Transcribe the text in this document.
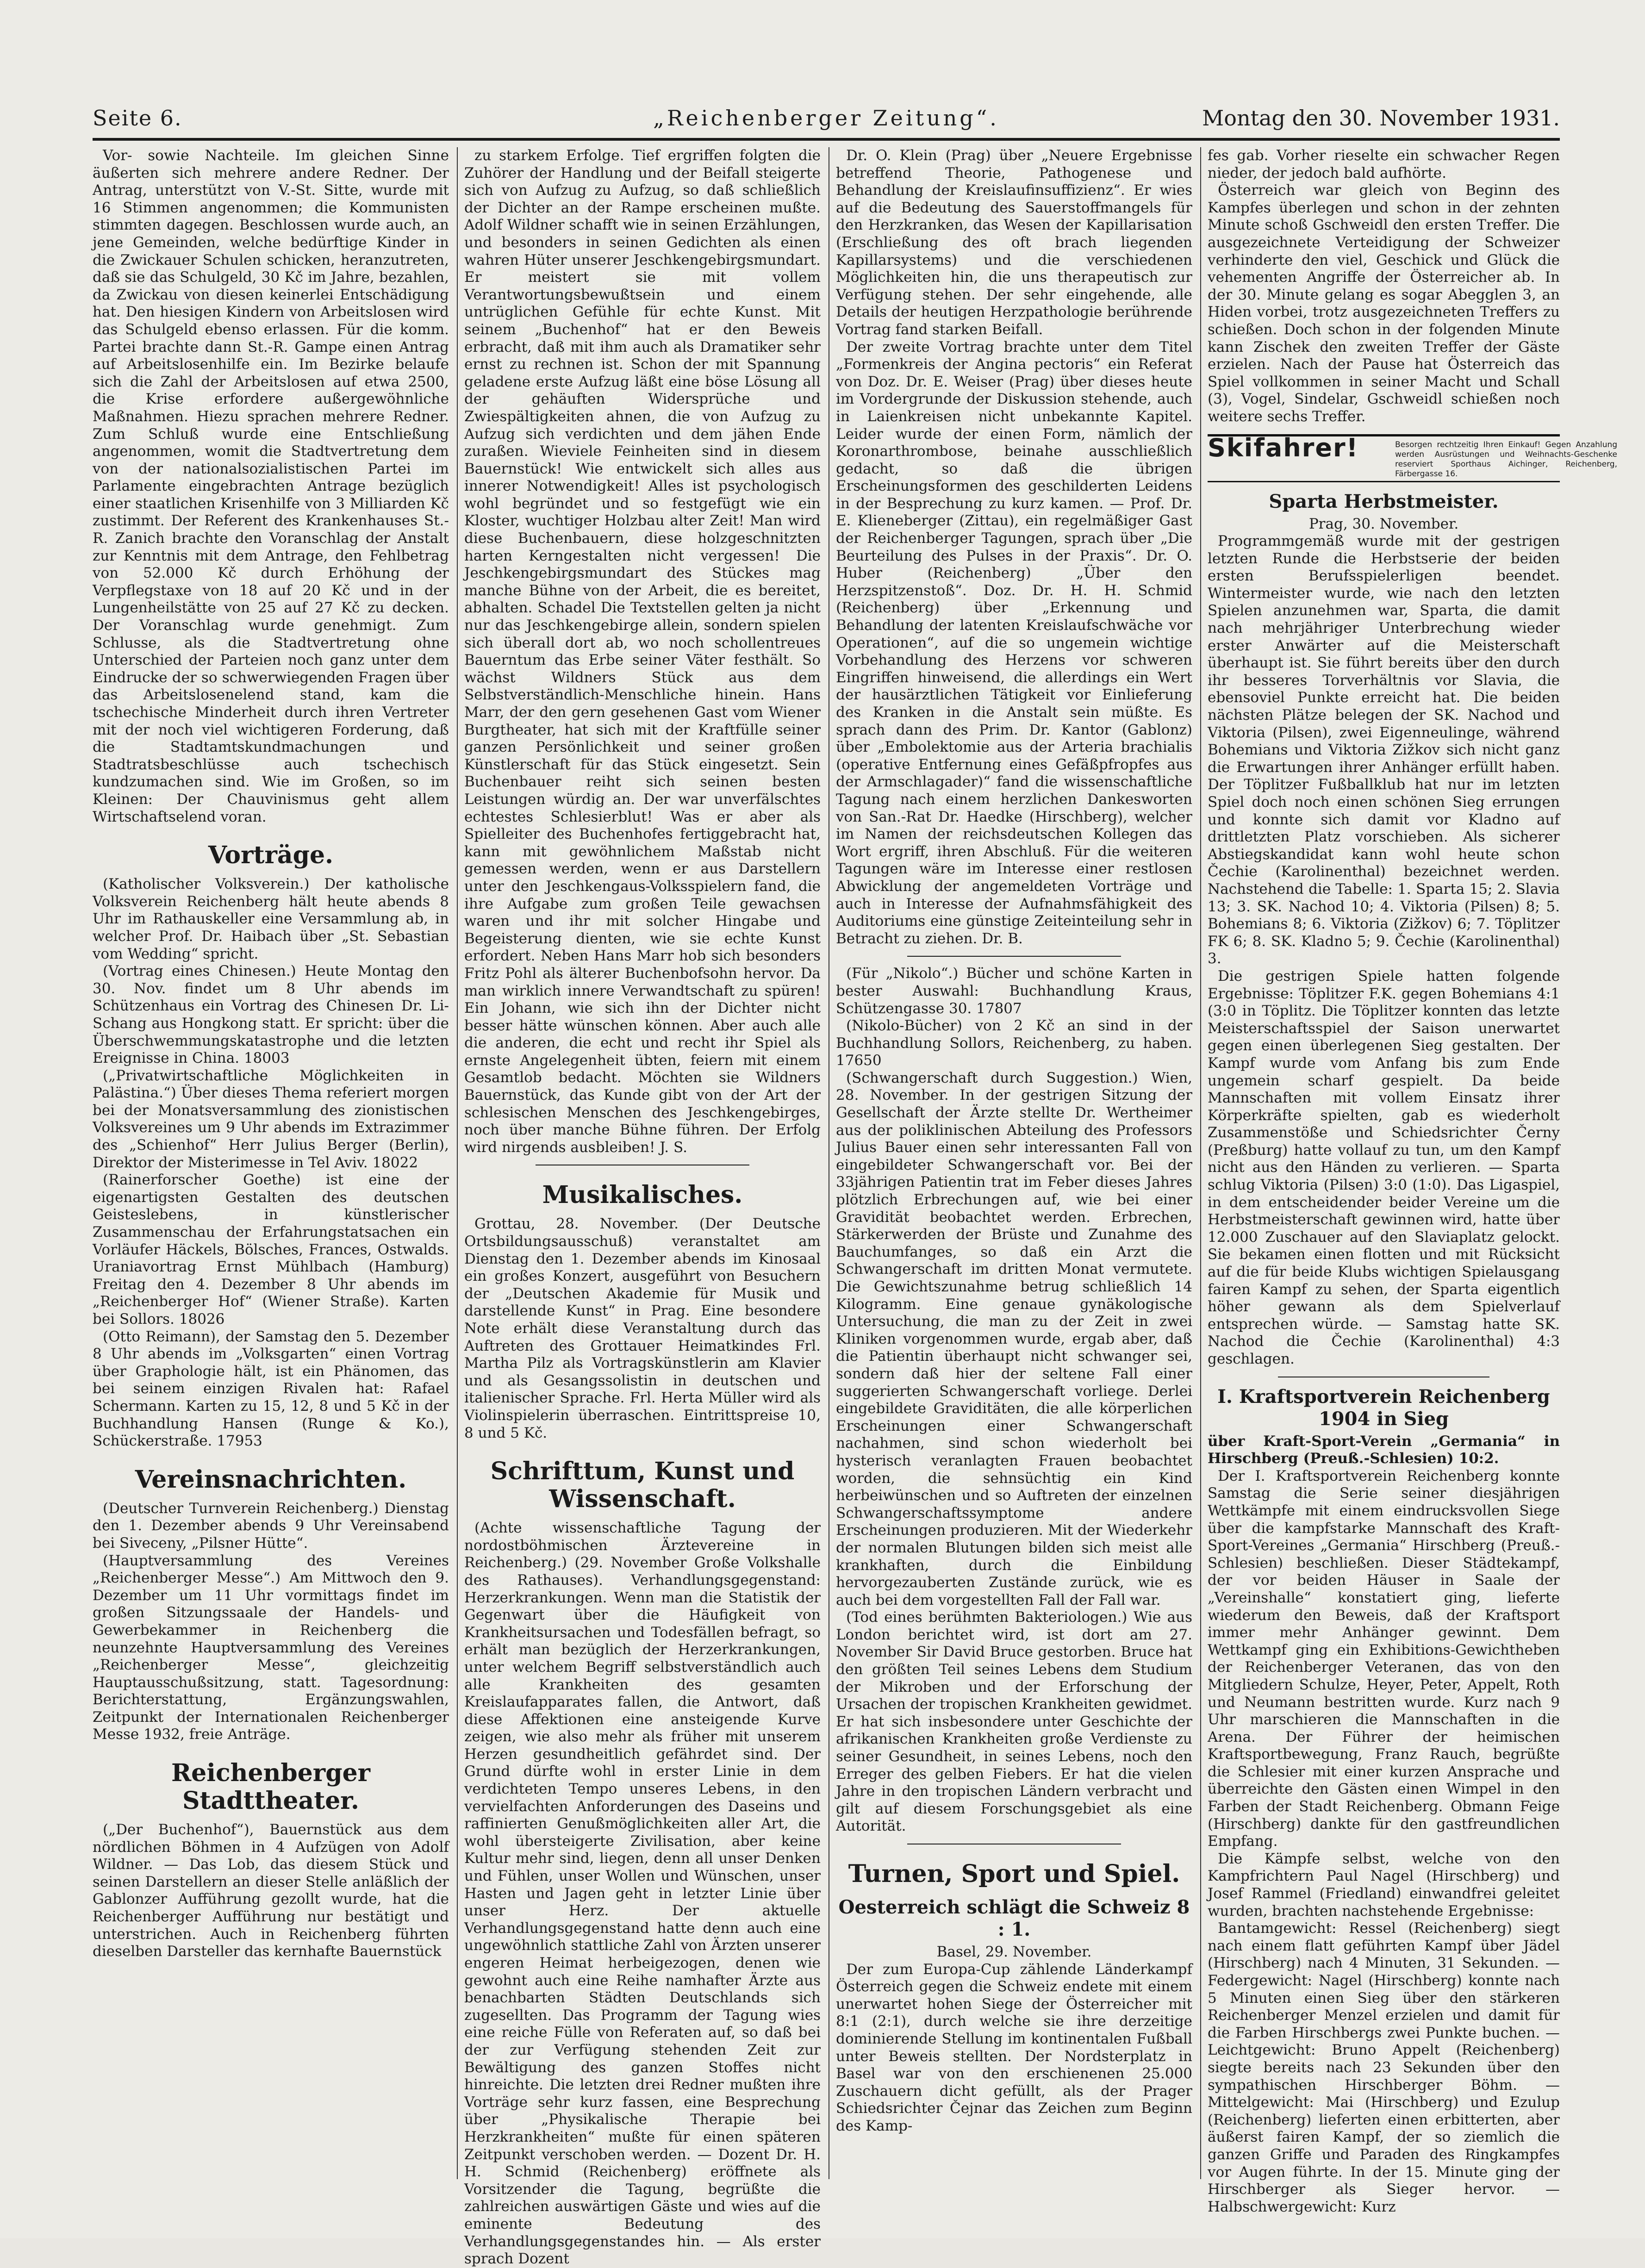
Seite 6.	„Reichenberger Zeitung“.	Montag den 30. November 1931.

Vor- sowie Nachteile. Im gleichen Sinne äußerten sich mehrere andere Redner. Der Antrag, unterstützt von V.-St. Sitte, wurde mit 16 Stimmen angenommen; die Kommunisten stimmten dagegen. Beschlossen wurde auch, an jene Gemeinden, welche bedürftige Kinder in die Zwickauer Schulen schicken, heranzutreten, daß sie das Schulgeld, 30 Kč im Jahre, bezahlen, da Zwickau von diesen keinerlei Entschädigung hat. Den hiesigen Kindern von Arbeitslosen wird das Schulgeld ebenso erlassen. Für die komm. Partei brachte dann St.-R. Gampe einen Antrag auf Arbeitslosenhilfe ein. Im Bezirke belaufe sich die Zahl der Arbeitslosen auf etwa 2500, die Krise erfordere außergewöhnliche Maßnahmen. Hiezu sprachen mehrere Redner. Zum Schluß wurde eine Entschließung angenommen, womit die Stadtvertretung dem von der nationalsozialistischen Partei im Parlamente eingebrachten Antrage bezüglich einer staatlichen Krisenhilfe von 3 Milliarden Kč zustimmt. Der Referent des Krankenhauses St.-R. Zanich brachte den Voranschlag der Anstalt zur Kenntnis mit dem Antrage, den Fehlbetrag von 52.000 Kč durch Erhöhung der Verpflegstaxe von 18 auf 20 Kč und in der Lungenheilstätte von 25 auf 27 Kč zu decken. Der Voranschlag wurde genehmigt. Zum Schlusse, als die Stadtvertretung ohne Unterschied der Parteien noch ganz unter dem Eindrucke der so schwerwiegenden Fragen über das Arbeitslosenelend stand, kam die tschechische Minderheit durch ihren Vertreter mit der noch viel wichtigeren Forderung, daß die Stadtamtskundmachungen und Stadtratsbeschlüsse auch tschechisch kundzumachen sind. Wie im Großen, so im Kleinen: Der Chauvinismus geht allem Wirtschaftselend voran.

Vorträge.

(Katholischer Volksverein.) Der katholische Volksverein Reichenberg hält heute abends 8 Uhr im Rathauskeller eine Versammlung ab, in welcher Prof. Dr. Haibach über „St. Sebastian vom Wedding“ spricht.

(Vortrag eines Chinesen.) Heute Montag den 30. Nov. findet um 8 Uhr abends im Schützenhaus ein Vortrag des Chinesen Dr. Li-Schang aus Hongkong statt. Er spricht: über die Überschwemmungskatastrophe und die letzten Ereignisse in China. 18003

(„Privatwirtschaftliche Möglichkeiten in Palästina.“) Über dieses Thema referiert morgen bei der Monatsversammlung des zionistischen Volksvereines um 9 Uhr abends im Extrazimmer des „Schienhof“ Herr Julius Berger (Berlin), Direktor der Misterimesse in Tel Aviv. 18022

(Rainerforscher Goethe) ist eine der eigenartigsten Gestalten des deutschen Geisteslebens, in künstlerischer Zusammenschau der Erfahrungstatsachen ein Vorläufer Häckels, Bölsches, Frances, Ostwalds. Uraniavortrag Ernst Mühlbach (Hamburg) Freitag den 4. Dezember 8 Uhr abends im „Reichenberger Hof“ (Wiener Straße). Karten bei Sollors. 18026

(Otto Reimann), der Samstag den 5. Dezember 8 Uhr abends im „Volksgarten“ einen Vortrag über Graphologie hält, ist ein Phänomen, das bei seinem einzigen Rivalen hat: Rafael Schermann. Karten zu 15, 12, 8 und 5 Kč in der Buchhandlung Hansen (Runge & Ko.), Schückerstraße. 17953

Vereinsnachrichten.

(Deutscher Turnverein Reichenberg.) Dienstag den 1. Dezember abends 9 Uhr Vereinsabend bei Siveceny, „Pilsner Hütte“.

(Hauptversammlung des Vereines „Reichenberger Messe“.) Am Mittwoch den 9. Dezember um 11 Uhr vormittags findet im großen Sitzungssaale der Handels- und Gewerbekammer in Reichenberg die neunzehnte Hauptversammlung des Vereines „Reichenberger Messe“, gleichzeitig Hauptausschußsitzung, statt. Tagesordnung: Berichterstattung, Ergänzungswahlen, Zeitpunkt der Internationalen Reichenberger Messe 1932, freie Anträge.

Reichenberger Stadttheater.

(„Der Buchenhof“), Bauernstück aus dem nördlichen Böhmen in 4 Aufzügen von Adolf Wildner. — Das Lob, das diesem Stück und seinen Darstellern an dieser Stelle anläßlich der Gablonzer Aufführung gezollt wurde, hat die Reichenberger Aufführung nur bestätigt und unterstrichen. Auch in Reichenberg führten dieselben Darsteller das kernhafte Bauernstück

zu starkem Erfolge. Tief ergriffen folgten die Zuhörer der Handlung und der Beifall steigerte sich von Aufzug zu Aufzug, so daß schließlich der Dichter an der Rampe erscheinen mußte. Adolf Wildner schafft wie in seinen Erzählungen, und besonders in seinen Gedichten als einen wahren Hüter unserer Jeschkengebirgsmundart. Er meistert sie mit vollem Verantwortungsbewußtsein und einem untrüglichen Gefühle für echte Kunst. Mit seinem „Buchenhof“ hat er den Beweis erbracht, daß mit ihm auch als Dramatiker sehr ernst zu rechnen ist. Schon der mit Spannung geladene erste Aufzug läßt eine böse Lösung all der gehäuften Widersprüche und Zwiespältigkeiten ahnen, die von Aufzug zu Aufzug sich verdichten und dem jähen Ende zuraßen. Wieviele Feinheiten sind in diesem Bauernstück! Wie entwickelt sich alles aus innerer Notwendigkeit! Alles ist psychologisch wohl begründet und so festgefügt wie ein Kloster, wuchtiger Holzbau alter Zeit! Man wird diese Buchenbauern, diese holzgeschnitzten harten Kerngestalten nicht vergessen! Die Jeschkengebirgsmundart des Stückes mag manche Bühne von der Arbeit, die es bereitet, abhalten. Schadel Die Textstellen gelten ja nicht nur das Jeschkengebirge allein, sondern spielen sich überall dort ab, wo noch schollentreues Bauerntum das Erbe seiner Väter festhält. So wächst Wildners Stück aus dem Selbstverständlich-Menschliche hinein. Hans Marr, der den gern gesehenen Gast vom Wiener Burgtheater, hat sich mit der Kraftfülle seiner ganzen Persönlichkeit und seiner großen Künstlerschaft für das Stück eingesetzt. Sein Buchenbauer reiht sich seinen besten Leistungen würdig an. Der war unverfälschtes echtestes Schlesierblut! Was er aber als Spielleiter des Buchenhofes fertiggebracht hat, kann mit gewöhnlichem Maßstab nicht gemessen werden, wenn er aus Darstellern unter den Jeschkengaus-Volksspielern fand, die ihre Aufgabe zum großen Teile gewachsen waren und ihr mit solcher Hingabe und Begeisterung dienten, wie sie echte Kunst erfordert. Neben Hans Marr hob sich besonders Fritz Pohl als älterer Buchenbofsohn hervor. Da man wirklich innere Verwandtschaft zu spüren! Ein Johann, wie sich ihn der Dichter nicht besser hätte wünschen können. Aber auch alle die anderen, die echt und recht ihr Spiel als ernste Angelegenheit übten, feiern mit einem Gesamtlob bedacht. Möchten sie Wildners Bauernstück, das Kunde gibt von der Art der schlesischen Menschen des Jeschkengebirges, noch über manche Bühne führen. Der Erfolg wird nirgends ausbleiben! J. S.

Musikalisches.

Grottau, 28. November. (Der Deutsche Ortsbildungsausschuß) veranstaltet am Dienstag den 1. Dezember abends im Kinosaal ein großes Konzert, ausgeführt von Besuchern der „Deutschen Akademie für Musik und darstellende Kunst“ in Prag. Eine besondere Note erhält diese Veranstaltung durch das Auftreten des Grottauer Heimatkindes Frl. Martha Pilz als Vortragskünstlerin am Klavier und als Gesangssolistin in deutschen und italienischer Sprache. Frl. Herta Müller wird als Violinspielerin überraschen. Eintrittspreise 10, 8 und 5 Kč.

Schrifttum, Kunst und Wissenschaft.

(Achte wissenschaftliche Tagung der nordostböhmischen Ärztevereine in Reichenberg.) (29. November Große Volkshalle des Rathauses). Verhandlungsgegenstand: Herzerkrankungen. Wenn man die Statistik der Gegenwart über die Häufigkeit von Krankheitsursachen und Todesfällen befragt, so erhält man bezüglich der Herzerkrankungen, unter welchem Begriff selbstverständlich auch alle Krankheiten des gesamten Kreislaufapparates fallen, die Antwort, daß diese Affektionen eine ansteigende Kurve zeigen, wie also mehr als früher mit unserem Herzen gesundheitlich gefährdet sind. Der Grund dürfte wohl in erster Linie in dem verdichteten Tempo unseres Lebens, in den vervielfachten Anforderungen des Daseins und raffinierten Genußmöglichkeiten aller Art, die wohl übersteigerte Zivilisation, aber keine Kultur mehr sind, liegen, denn all unser Denken und Fühlen, unser Wollen und Wünschen, unser Hasten und Jagen geht in letzter Linie über unser Herz. Der aktuelle Verhandlungsgegenstand hatte denn auch eine ungewöhnlich stattliche Zahl von Ärzten unserer engeren Heimat herbeigezogen, denen wie gewohnt auch eine Reihe namhafter Ärzte aus benachbarten Städten Deutschlands sich zugesellten. Das Programm der Tagung wies eine reiche Fülle von Referaten auf, so daß bei der zur Verfügung stehenden Zeit zur Bewältigung des ganzen Stoffes nicht hinreichte. Die letzten drei Redner mußten ihre Vorträge sehr kurz fassen, eine Besprechung über „Physikalische Therapie bei Herzkrankheiten“ mußte für einen späteren Zeitpunkt verschoben werden. — Dozent Dr. H. H. Schmid (Reichenberg) eröffnete als Vorsitzender die Tagung, begrüßte die zahlreichen auswärtigen Gäste und wies auf die eminente Bedeutung des Verhandlungsgegenstandes hin. — Als erster sprach Dozent

Dr. O. Klein (Prag) über „Neuere Ergebnisse betreffend Theorie, Pathogenese und Behandlung der Kreislaufinsuffizienz“. Er wies auf die Bedeutung des Sauerstoffmangels für den Herzkranken, das Wesen der Kapillarisation (Erschließung des oft brach liegenden Kapillarsystems) und die verschiedenen Möglichkeiten hin, die uns therapeutisch zur Verfügung stehen. Der sehr eingehende, alle Details der heutigen Herzpathologie berührende Vortrag fand starken Beifall.

Der zweite Vortrag brachte unter dem Titel „Formenkreis der Angina pectoris“ ein Referat von Doz. Dr. E. Weiser (Prag) über dieses heute im Vordergrunde der Diskussion stehende, auch in Laienkreisen nicht unbekannte Kapitel. Leider wurde der einen Form, nämlich der Koronarthrombose, beinahe ausschließlich gedacht, so daß die übrigen Erscheinungsformen des geschilderten Leidens in der Besprechung zu kurz kamen. — Prof. Dr. E. Klieneberger (Zittau), ein regelmäßiger Gast der Reichenberger Tagungen, sprach über „Die Beurteilung des Pulses in der Praxis“. Dr. O. Huber (Reichenberg) „Über den Herzspitzenstoß“. Doz. Dr. H. H. Schmid (Reichenberg) über „Erkennung und Behandlung der latenten Kreislaufschwäche vor Operationen“, auf die so ungemein wichtige Vorbehandlung des Herzens vor schweren Eingriffen hinweisend, die allerdings ein Wert der hausärztlichen Tätigkeit vor Einlieferung des Kranken in die Anstalt sein müßte. Es sprach dann des Prim. Dr. Kantor (Gablonz) über „Embolektomie aus der Arteria brachialis (operative Entfernung eines Gefäßpfropfes aus der Armschlagader)“ fand die wissenschaftliche Tagung nach einem herzlichen Dankesworten von San.-Rat Dr. Haedke (Hirschberg), welcher im Namen der reichsdeutschen Kollegen das Wort ergriff, ihren Abschluß. Für die weiteren Tagungen wäre im Interesse einer restlosen Abwicklung der angemeldeten Vorträge und auch in Interesse der Aufnahmsfähigkeit des Auditoriums eine günstige Zeiteinteilung sehr in Betracht zu ziehen. Dr. B.

(Für „Nikolo“.) Bücher und schöne Karten in bester Auswahl: Buchhandlung Kraus, Schützengasse 30. 17807

(Nikolo-Bücher) von 2 Kč an sind in der Buchhandlung Sollors, Reichenberg, zu haben. 17650

(Schwangerschaft durch Suggestion.) Wien, 28. November. In der gestrigen Sitzung der Gesellschaft der Ärzte stellte Dr. Wertheimer aus der poliklinischen Abteilung des Professors Julius Bauer einen sehr interessanten Fall von eingebildeter Schwangerschaft vor. Bei der 33jährigen Patientin trat im Feber dieses Jahres plötzlich Erbrechungen auf, wie bei einer Gravidität beobachtet werden. Erbrechen, Stärkerwerden der Brüste und Zunahme des Bauchumfanges, so daß ein Arzt die Schwangerschaft im dritten Monat vermutete. Die Gewichtszunahme betrug schließlich 14 Kilogramm. Eine genaue gynäkologische Untersuchung, die man zu der Zeit in zwei Kliniken vorgenommen wurde, ergab aber, daß die Patientin überhaupt nicht schwanger sei, sondern daß hier der seltene Fall einer suggerierten Schwangerschaft vorliege. Derlei eingebildete Graviditäten, die alle körperlichen Erscheinungen einer Schwangerschaft nachahmen, sind schon wiederholt bei hysterisch veranlagten Frauen beobachtet worden, die sehnsüchtig ein Kind herbeiwünschen und so Auftreten der einzelnen Schwangerschaftssymptome andere Erscheinungen produzieren. Mit der Wiederkehr der normalen Blutungen bilden sich meist alle krankhaften, durch die Einbildung hervorgezauberten Zustände zurück, wie es auch bei dem vorgestellten Fall der Fall war.

(Tod eines berühmten Bakteriologen.) Wie aus London berichtet wird, ist dort am 27. November Sir David Bruce gestorben. Bruce hat den größten Teil seines Lebens dem Studium der Mikroben und der Erforschung der Ursachen der tropischen Krankheiten gewidmet. Er hat sich insbesondere unter Geschichte der afrikanischen Krankheiten große Verdienste zu seiner Gesundheit, in seines Lebens, noch den Erreger des gelben Fiebers. Er hat die vielen Jahre in den tropischen Ländern verbracht und gilt auf diesem Forschungsgebiet als eine Autorität.

Turnen, Sport und Spiel.
Oesterreich schlägt die Schweiz 8 : 1.

Basel, 29. November.

Der zum Europa-Cup zählende Länderkampf Österreich gegen die Schweiz endete mit einem unerwartet hohen Siege der Österreicher mit 8:1 (2:1), durch welche sie ihre derzeitige dominierende Stellung im kontinentalen Fußball unter Beweis stellten. Der Nordsterplatz in Basel war von den erschienenen 25.000 Zuschauern dicht gefüllt, als der Prager Schiedsrichter Čejnar das Zeichen zum Beginn des Kamp-

fes gab. Vorher rieselte ein schwacher Regen nieder, der jedoch bald aufhörte.

Österreich war gleich von Beginn des Kampfes überlegen und schon in der zehnten Minute schoß Gschweidl den ersten Treffer. Die ausgezeichnete Verteidigung der Schweizer verhinderte den viel, Geschick und Glück die vehementen Angriffe der Österreicher ab. In der 30. Minute gelang es sogar Abegglen 3, an Hiden vorbei, trotz ausgezeichneten Treffers zu schießen. Doch schon in der folgenden Minute kann Zischek den zweiten Treffer der Gäste erzielen. Nach der Pause hat Österreich das Spiel vollkommen in seiner Macht und Schall (3), Vogel, Sindelar, Gschweidl schießen noch weitere sechs Treffer.

Skifahrer!	Besorgen rechtzeitig Ihren Einkauf! Gegen Anzahlung werden Ausrüstungen und Weihnachts-Geschenke reserviert Sporthaus Aichinger, Reichenberg, Färbergasse 16.
Sparta Herbstmeister.

Prag, 30. November.

Programmgemäß wurde mit der gestrigen letzten Runde die Herbstserie der beiden ersten Berufsspielerligen beendet. Wintermeister wurde, wie nach den letzten Spielen anzunehmen war, Sparta, die damit nach mehrjähriger Unterbrechung wieder erster Anwärter auf die Meisterschaft überhaupt ist. Sie führt bereits über den durch ihr besseres Torverhältnis vor Slavia, die ebensoviel Punkte erreicht hat. Die beiden nächsten Plätze belegen der SK. Nachod und Viktoria (Pilsen), zwei Eigenneulinge, während Bohemians und Viktoria Zižkov sich nicht ganz die Erwartungen ihrer Anhänger erfüllt haben. Der Töplitzer Fußballklub hat nur im letzten Spiel doch noch einen schönen Sieg errungen und konnte sich damit vor Kladno auf drittletzten Platz vorschieben. Als sicherer Abstiegskandidat kann wohl heute schon Čechie (Karolinenthal) bezeichnet werden. Nachstehend die Tabelle: 1. Sparta 15; 2. Slavia 13; 3. SK. Nachod 10; 4. Viktoria (Pilsen) 8; 5. Bohemians 8; 6. Viktoria (Zižkov) 6; 7. Töplitzer FK 6; 8. SK. Kladno 5; 9. Čechie (Karolinenthal) 3.

Die gestrigen Spiele hatten folgende Ergebnisse: Töplitzer F.K. gegen Bohemians 4:1 (3:0 in Töplitz. Die Töplitzer konnten das letzte Meisterschaftsspiel der Saison unerwartet gegen einen überlegenen Sieg gestalten. Der Kampf wurde vom Anfang bis zum Ende ungemein scharf gespielt. Da beide Mannschaften mit vollem Einsatz ihrer Körperkräfte spielten, gab es wiederholt Zusammenstöße und Schiedsrichter Černy (Preßburg) hatte vollauf zu tun, um den Kampf nicht aus den Händen zu verlieren. — Sparta schlug Viktoria (Pilsen) 3:0 (1:0). Das Ligaspiel, in dem entscheidender beider Vereine um die Herbstmeisterschaft gewinnen wird, hatte über 12.000 Zuschauer auf den Slaviaplatz gelockt. Sie bekamen einen flotten und mit Rücksicht auf die für beide Klubs wichtigen Spielausgang fairen Kampf zu sehen, der Sparta eigentlich höher gewann als dem Spielverlauf entsprechen würde. — Samstag hatte SK. Nachod die Čechie (Karolinenthal) 4:3 geschlagen.

I. Kraftsportverein Reichenberg 1904 in Sieg

über Kraft-Sport-Verein „Germania“ in Hirschberg (Preuß.-Schlesien) 10:2.

Der I. Kraftsportverein Reichenberg konnte Samstag die Serie seiner diesjährigen Wettkämpfe mit einem eindrucksvollen Siege über die kampfstarke Mannschaft des Kraft-Sport-Vereines „Germania“ Hirschberg (Preuß.-Schlesien) beschließen. Dieser Städtekampf, der vor beiden Häuser in Saale der „Vereinshalle“ konstatiert ging, lieferte wiederum den Beweis, daß der Kraftsport immer mehr Anhänger gewinnt. Dem Wettkampf ging ein Exhibitions-Gewichtheben der Reichenberger Veteranen, das von den Mitgliedern Schulze, Heyer, Peter, Appelt, Roth und Neumann bestritten wurde. Kurz nach 9 Uhr marschieren die Mannschaften in die Arena. Der Führer der heimischen Kraftsportbewegung, Franz Rauch, begrüßte die Schlesier mit einer kurzen Ansprache und überreichte den Gästen einen Wimpel in den Farben der Stadt Reichenberg. Obmann Feige (Hirschberg) dankte für den gastfreundlichen Empfang.

Die Kämpfe selbst, welche von den Kampfrichtern Paul Nagel (Hirschberg) und Josef Rammel (Friedland) einwandfrei geleitet wurden, brachten nachstehende Ergebnisse:

Bantamgewicht: Ressel (Reichenberg) siegt nach einem flatt geführten Kampf über Jädel (Hirschberg) nach 4 Minuten, 31 Sekunden. — Federgewicht: Nagel (Hirschberg) konnte nach 5 Minuten einen Sieg über den stärkeren Reichenberger Menzel erzielen und damit für die Farben Hirschbergs zwei Punkte buchen. — Leichtgewicht: Bruno Appelt (Reichenberg) siegte bereits nach 23 Sekunden über den sympathischen Hirschberger Böhm. — Mittelgewicht: Mai (Hirschberg) und Ezulup (Reichenberg) lieferten einen erbitterten, aber äußerst fairen Kampf, der so ziemlich die ganzen Griffe und Paraden des Ringkampfes vor Augen führte. In der 15. Minute ging der Hirschberger als Sieger hervor. — Halbschwergewicht: Kurz
